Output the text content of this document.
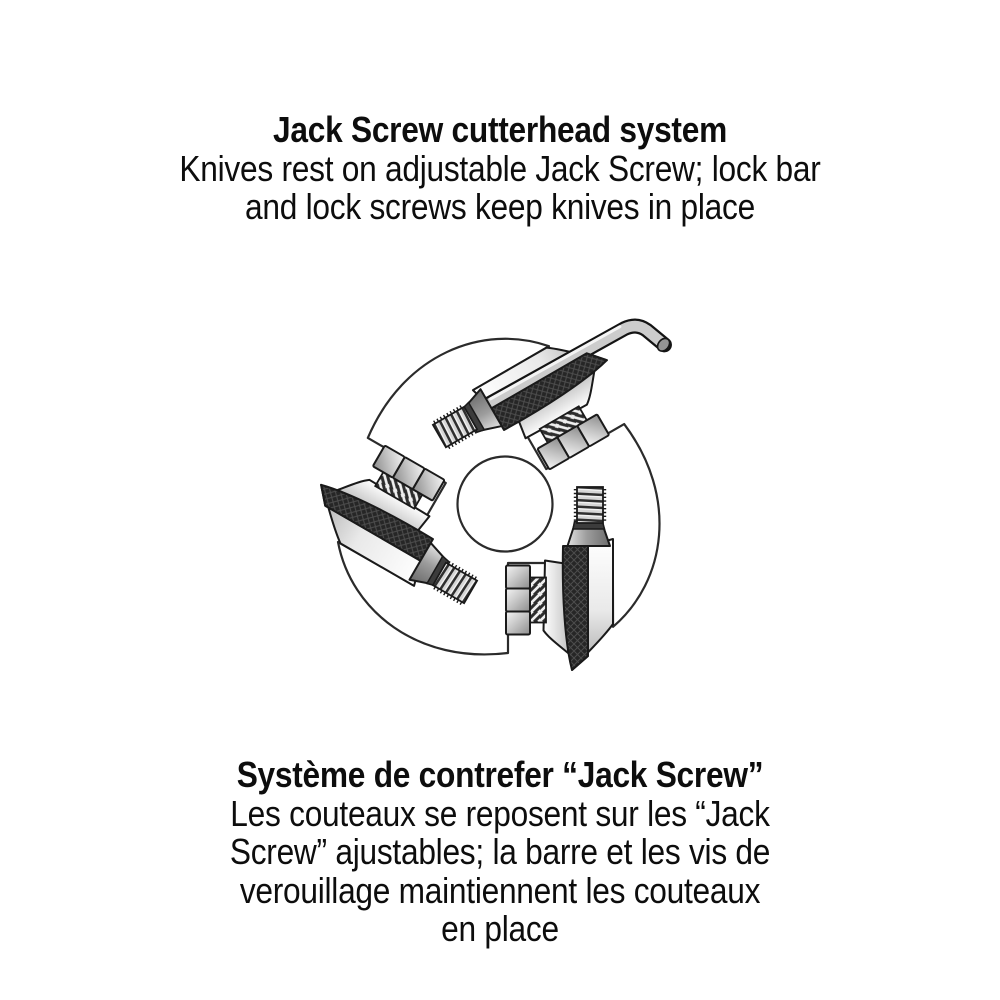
Jack Screw cutterhead system
Knives rest on adjustable Jack Screw; lock bar
and lock screws keep knives in place
Système de contrefer “Jack Screw”
Les couteaux se reposent sur les “Jack
Screw” ajustables; la barre et les vis de
verouillage maintiennent les couteaux
en place
